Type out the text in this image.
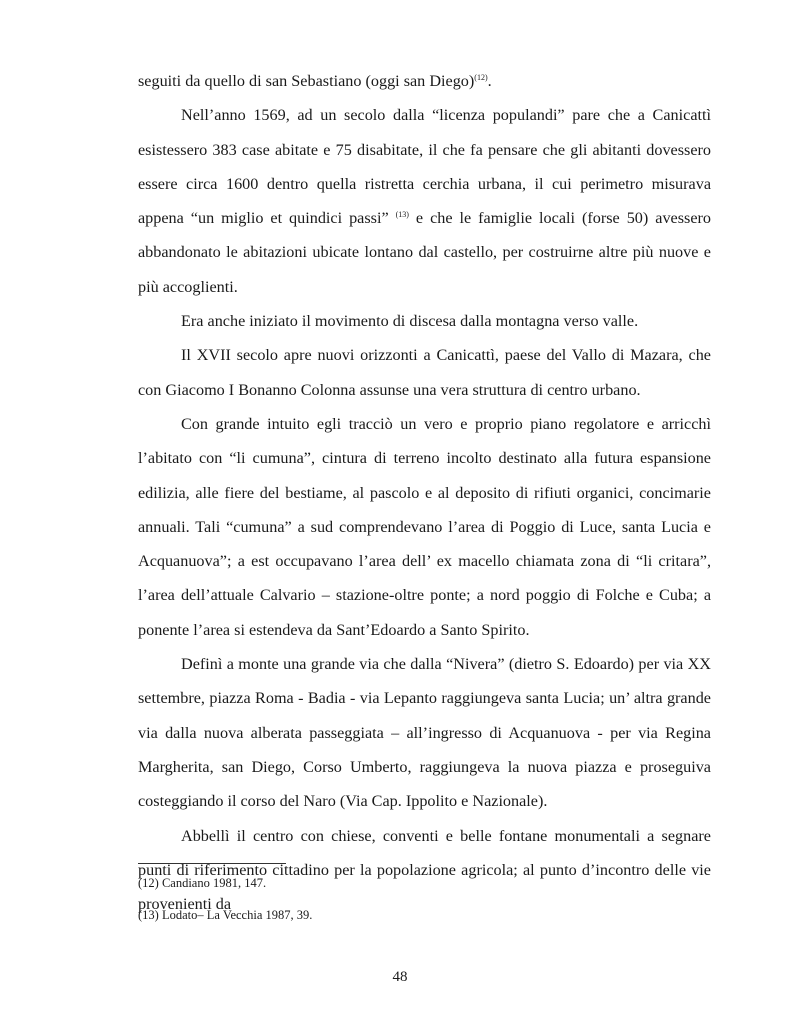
seguiti da quello di san Sebastiano (oggi san Diego)$^{(12)}$.

Nell’anno 1569, ad un secolo dalla “licenza populandi” pare che a Canicattì esistessero 383 case abitate e 75 disabitate, il che fa pensare che gli abitanti dovessero essere circa 1600 dentro quella ristretta cerchia urbana, il cui perimetro misurava appena “un miglio et quindici passi” $^{(13)}$ e che le famiglie locali (forse 50) avessero abbandonato le abitazioni ubicate lontano dal castello, per costruirne altre più nuove e più accoglienti.

Era anche iniziato il movimento di discesa dalla montagna verso valle.

Il XVII secolo apre nuovi orizzonti a Canicattì, paese del Vallo di Mazara, che con Giacomo I Bonanno Colonna assunse una vera struttura di centro urbano.

Con grande intuito egli tracciò un vero e proprio piano regolatore e arricchì l’abitato con “li cumuna”, cintura di terreno incolto destinato alla futura espansione edilizia, alle fiere del bestiame, al pascolo e al deposito di rifiuti organici, concimarie annuali. Tali “cumuna” a sud comprendevano l’area di Poggio di Luce, santa Lucia e Acquanuova”; a est occupavano l’area dell’ ex macello chiamata zona di “li critara”, l’area dell’attuale Calvario – stazione-oltre ponte; a nord poggio di Folche e Cuba; a ponente l’area si estendeva da Sant’Edoardo a Santo Spirito.

Definì a monte una grande via che dalla “Nivera” (dietro S. Edoardo) per via XX settembre, piazza Roma - Badia - via Lepanto raggiungeva santa Lucia; un’ altra grande via dalla nuova alberata passeggiata – all’ingresso di Acquanuova - per via Regina Margherita, san Diego, Corso Umberto, raggiungeva la nuova piazza e proseguiva costeggiando il corso del Naro (Via Cap. Ippolito e Nazionale).

Abbellì il centro con chiese, conventi e belle fontane monumentali a segnare punti di riferimento cittadino per la popolazione agricola; al punto d’incontro delle vie provenienti da

(12) Candiano 1981, 147.
(13) Lodato– La Vecchia 1987, 39.
48
